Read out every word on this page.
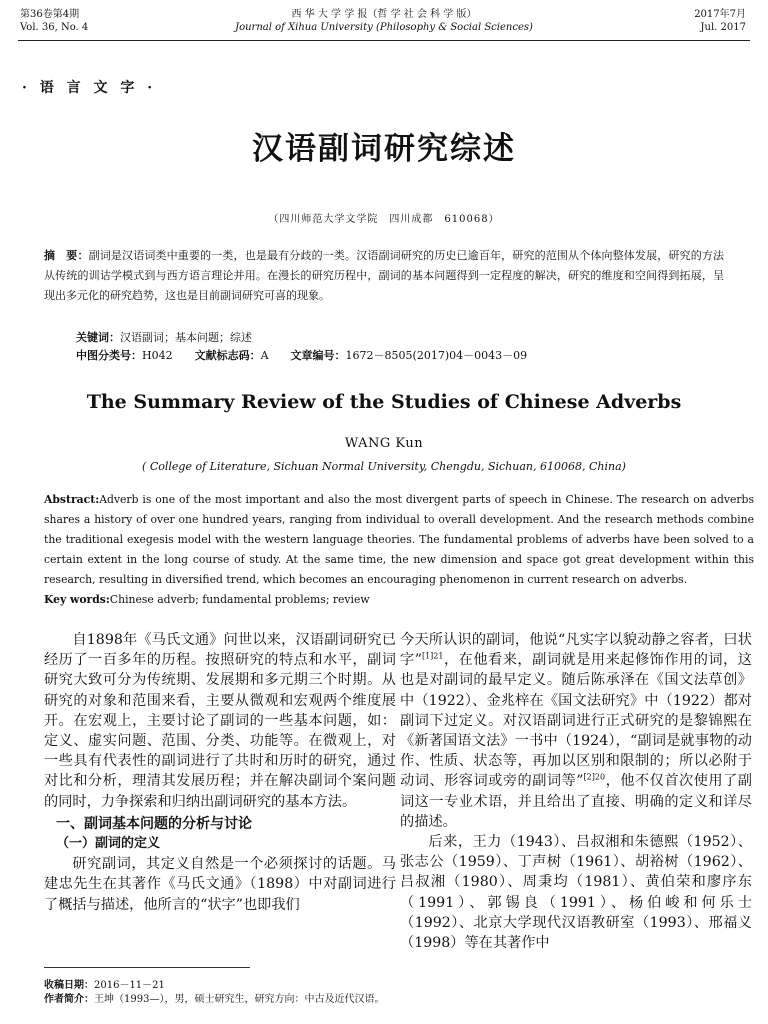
第36卷第4期
Vol. 36, No. 4
西 华 大 学 学 报（哲 学 社 会 科 学 版）
Journal of Xihua University (Philosophy & Social Sciences)
2017年7月
Jul. 2017
· 语 言 文 字 ·
汉语副词研究综述
（四川师范大学文学院　四川成都　610068）
摘　要：副词是汉语词类中重要的一类，也是最有分歧的一类。汉语副词研究的历史已逾百年，研究的范围从个体向整体发展，研究的方法从传统的训诂学模式到与西方语言理论并用。在漫长的研究历程中，副词的基本问题得到一定程度的解决，研究的维度和空间得到拓展，呈现出多元化的研究趋势，这也是目前副词研究可喜的现象。
关键词：汉语副词；基本问题；综述
中图分类号：H042 文献标志码：A 文章编号：1672－8505(2017)04－0043－09
The Summary Review of the Studies of Chinese Adverbs
WANG Kun
( College of Literature, Sichuan Normal University, Chengdu, Sichuan, 610068, China)
Abstract:Adverb is one of the most important and also the most divergent parts of speech in Chinese. The research on adverbs shares a history of over one hundred years, ranging from individual to overall development. And the research methods combine the traditional exegesis model with the western language theories. The fundamental problems of adverbs have been solved to a certain extent in the long course of study. At the same time, the new dimension and space got great development within this research, resulting in diversified trend, which becomes an encouraging phenomenon in current research on adverbs.
Key words:Chinese adverb; fundamental problems; review

自1898年《马氏文通》问世以来，汉语副词研究已经历了一百多年的历程。按照研究的特点和水平，副词研究大致可分为传统期、发展期和多元期三个时期。从研究的对象和范围来看，主要从微观和宏观两个维度展开。在宏观上，主要讨论了副词的一些基本问题，如：定义、虚实问题、范围、分类、功能等。在微观上，对一些具有代表性的副词进行了共时和历时的研究，通过对比和分析，理清其发展历程；并在解决副词个案问题的同时，力争探索和归纳出副词研究的基本方法。

一、副词基本问题的分析与讨论
（一）副词的定义

研究副词，其定义自然是一个必须探讨的话题。马建忠先生在其著作《马氏文通》（1898）中对副词进行了概括与描述，他所言的“状字”也即我们

今天所认识的副词，他说“凡实字以貌动静之容者，曰状字”$^{[1]21}$，在他看来，副词就是用来起修饰作用的词，这也是对副词的最早定义。随后陈承泽在《国文法草创》中（1922）、金兆梓在《国文法研究》中（1922）都对副词下过定义。对汉语副词进行正式研究的是黎锦熙在《新著国语文法》一书中（1924），“副词是就事物的动作、性质、状态等，再加以区别和限制的；所以必附于动词、形容词或旁的副词等”$^{[2]20}$，他不仅首次使用了副词这一专业术语，并且给出了直接、明确的定义和详尽的描述。

后来，王力（1943）、吕叔湘和朱德熙（1952）、张志公（1959）、丁声树（1961）、胡裕树（1962）、吕叔湘（1980）、周秉均（1981）、黄伯荣和廖序东（1991）、郭锡良（1991）、杨伯峻和何乐士（1992）、北京大学现代汉语教研室（1993）、邢福义（1998）等在其著作中

收稿日期：2016－11－21
作者简介：王坤（1993—），男，硕士研究生，研究方向：中古及近代汉语。
